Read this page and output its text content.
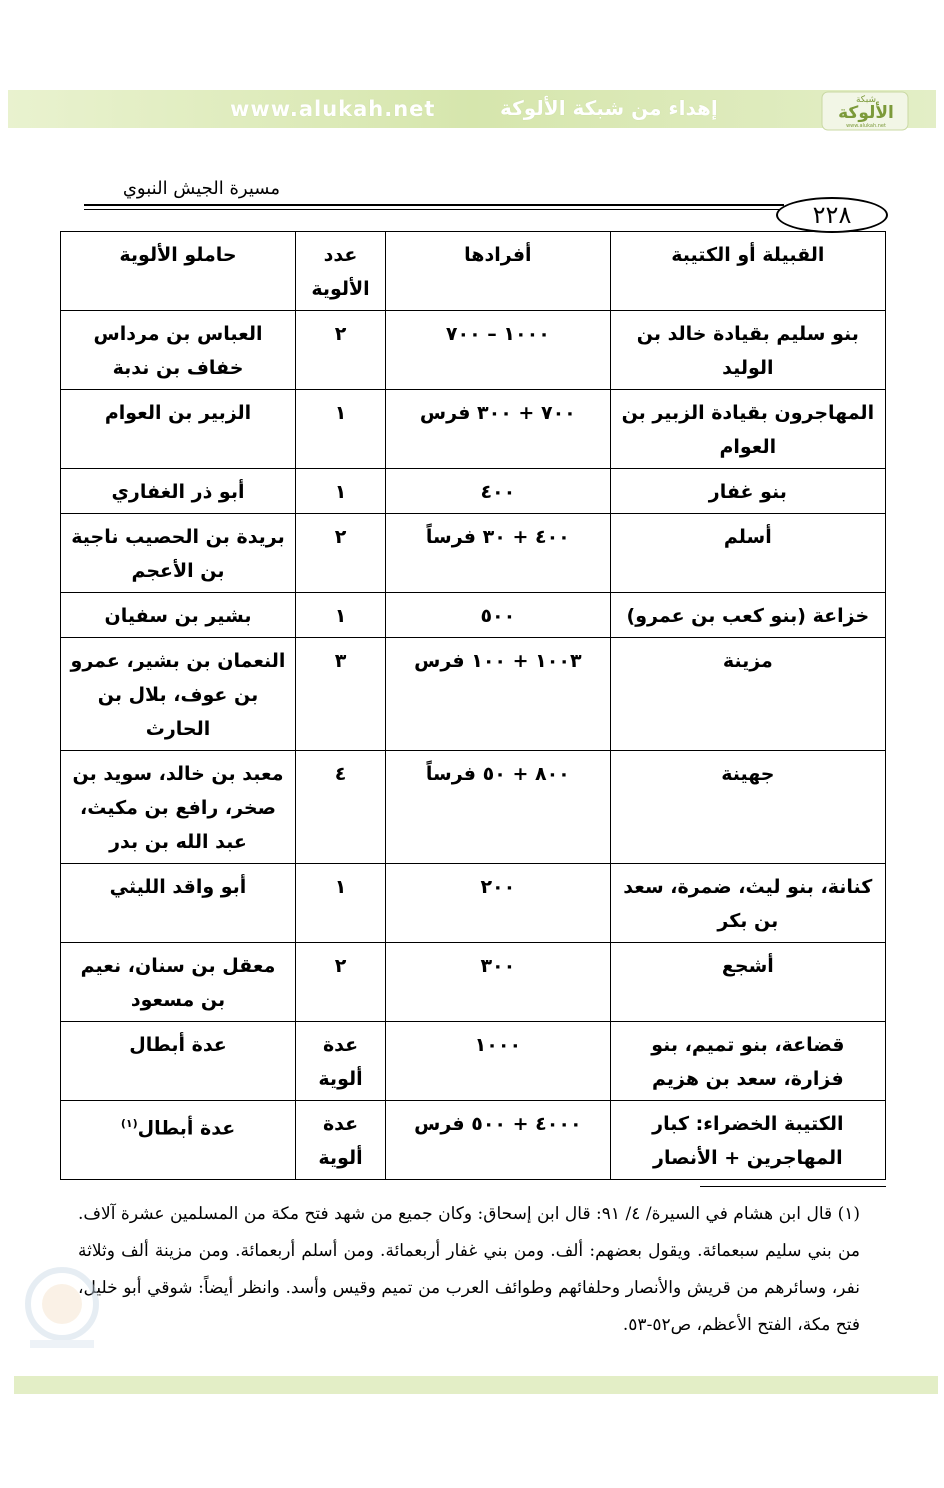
www.alukah.net	إهداء من شبكة الألوكة	شبكة
الألوكة
www.alukah.net
مسيرة الجيش النبوي
٢٢٨
القبيلة أو الكتيبة	أفرادها	عدد الألوية	حاملو الألوية
بنو سليم بقيادة خالد بن الوليد	١٠٠٠ – ٧٠٠	٢	العباس بن مرداس خفاف بن ندبة
المهاجرون بقيادة الزبير بن العوام	٧٠٠ + ٣٠٠ فرس	١	الزبير بن العوام
بنو غفار	٤٠٠	١	أبو ذر الغفاري
أسلم	٤٠٠ + ٣٠ فرساً	٢	بريدة بن الحصيب ناجية بن الأعجم
خزاعة (بنو كعب بن عمرو)	٥٠٠	١	بشير بن سفيان
مزينة	١٠٠٣ + ١٠٠ فرس	٣	النعمان بن بشير، عمرو بن عوف، بلال بن الحارث
جهينة	٨٠٠ + ٥٠ فرساً	٤	معبد بن خالد، سويد بن صخر، رافع بن مكيث، عبد الله بن بدر
كنانة، بنو ليث، ضمرة، سعد بن بكر	٢٠٠	١	أبو واقد الليثي
أشجع	٣٠٠	٢	معقل بن سنان، نعيم بن مسعود
قضاعة، بنو تميم، بنو فزارة، سعد بن هزيم	١٠٠٠	عدة ألوية	عدة أبطال
الكتيبة الخضراء: كبار المهاجرين + الأنصار	٤٠٠٠ + ٥٠٠ فرس	عدة ألوية	عدة أبطال$^{(١)}$
(١) قال ابن هشام في السيرة/ ٤/ ٩١: قال ابن إسحاق: وكان جميع من شهد فتح مكة من المسلمين عشرة آلاف. من بني سليم سبعمائة. ويقول بعضهم: ألف. ومن بني غفار أربعمائة. ومن أسلم أربعمائة. ومن مزينة ألف وثلاثة نفر، وسائرهم من قريش والأنصار وحلفائهم وطوائف العرب من تميم وقيس وأسد. وانظر أيضاً: شوقي أبو خليل، فتح مكة، الفتح الأعظم، ص٥٢-٥٣.
